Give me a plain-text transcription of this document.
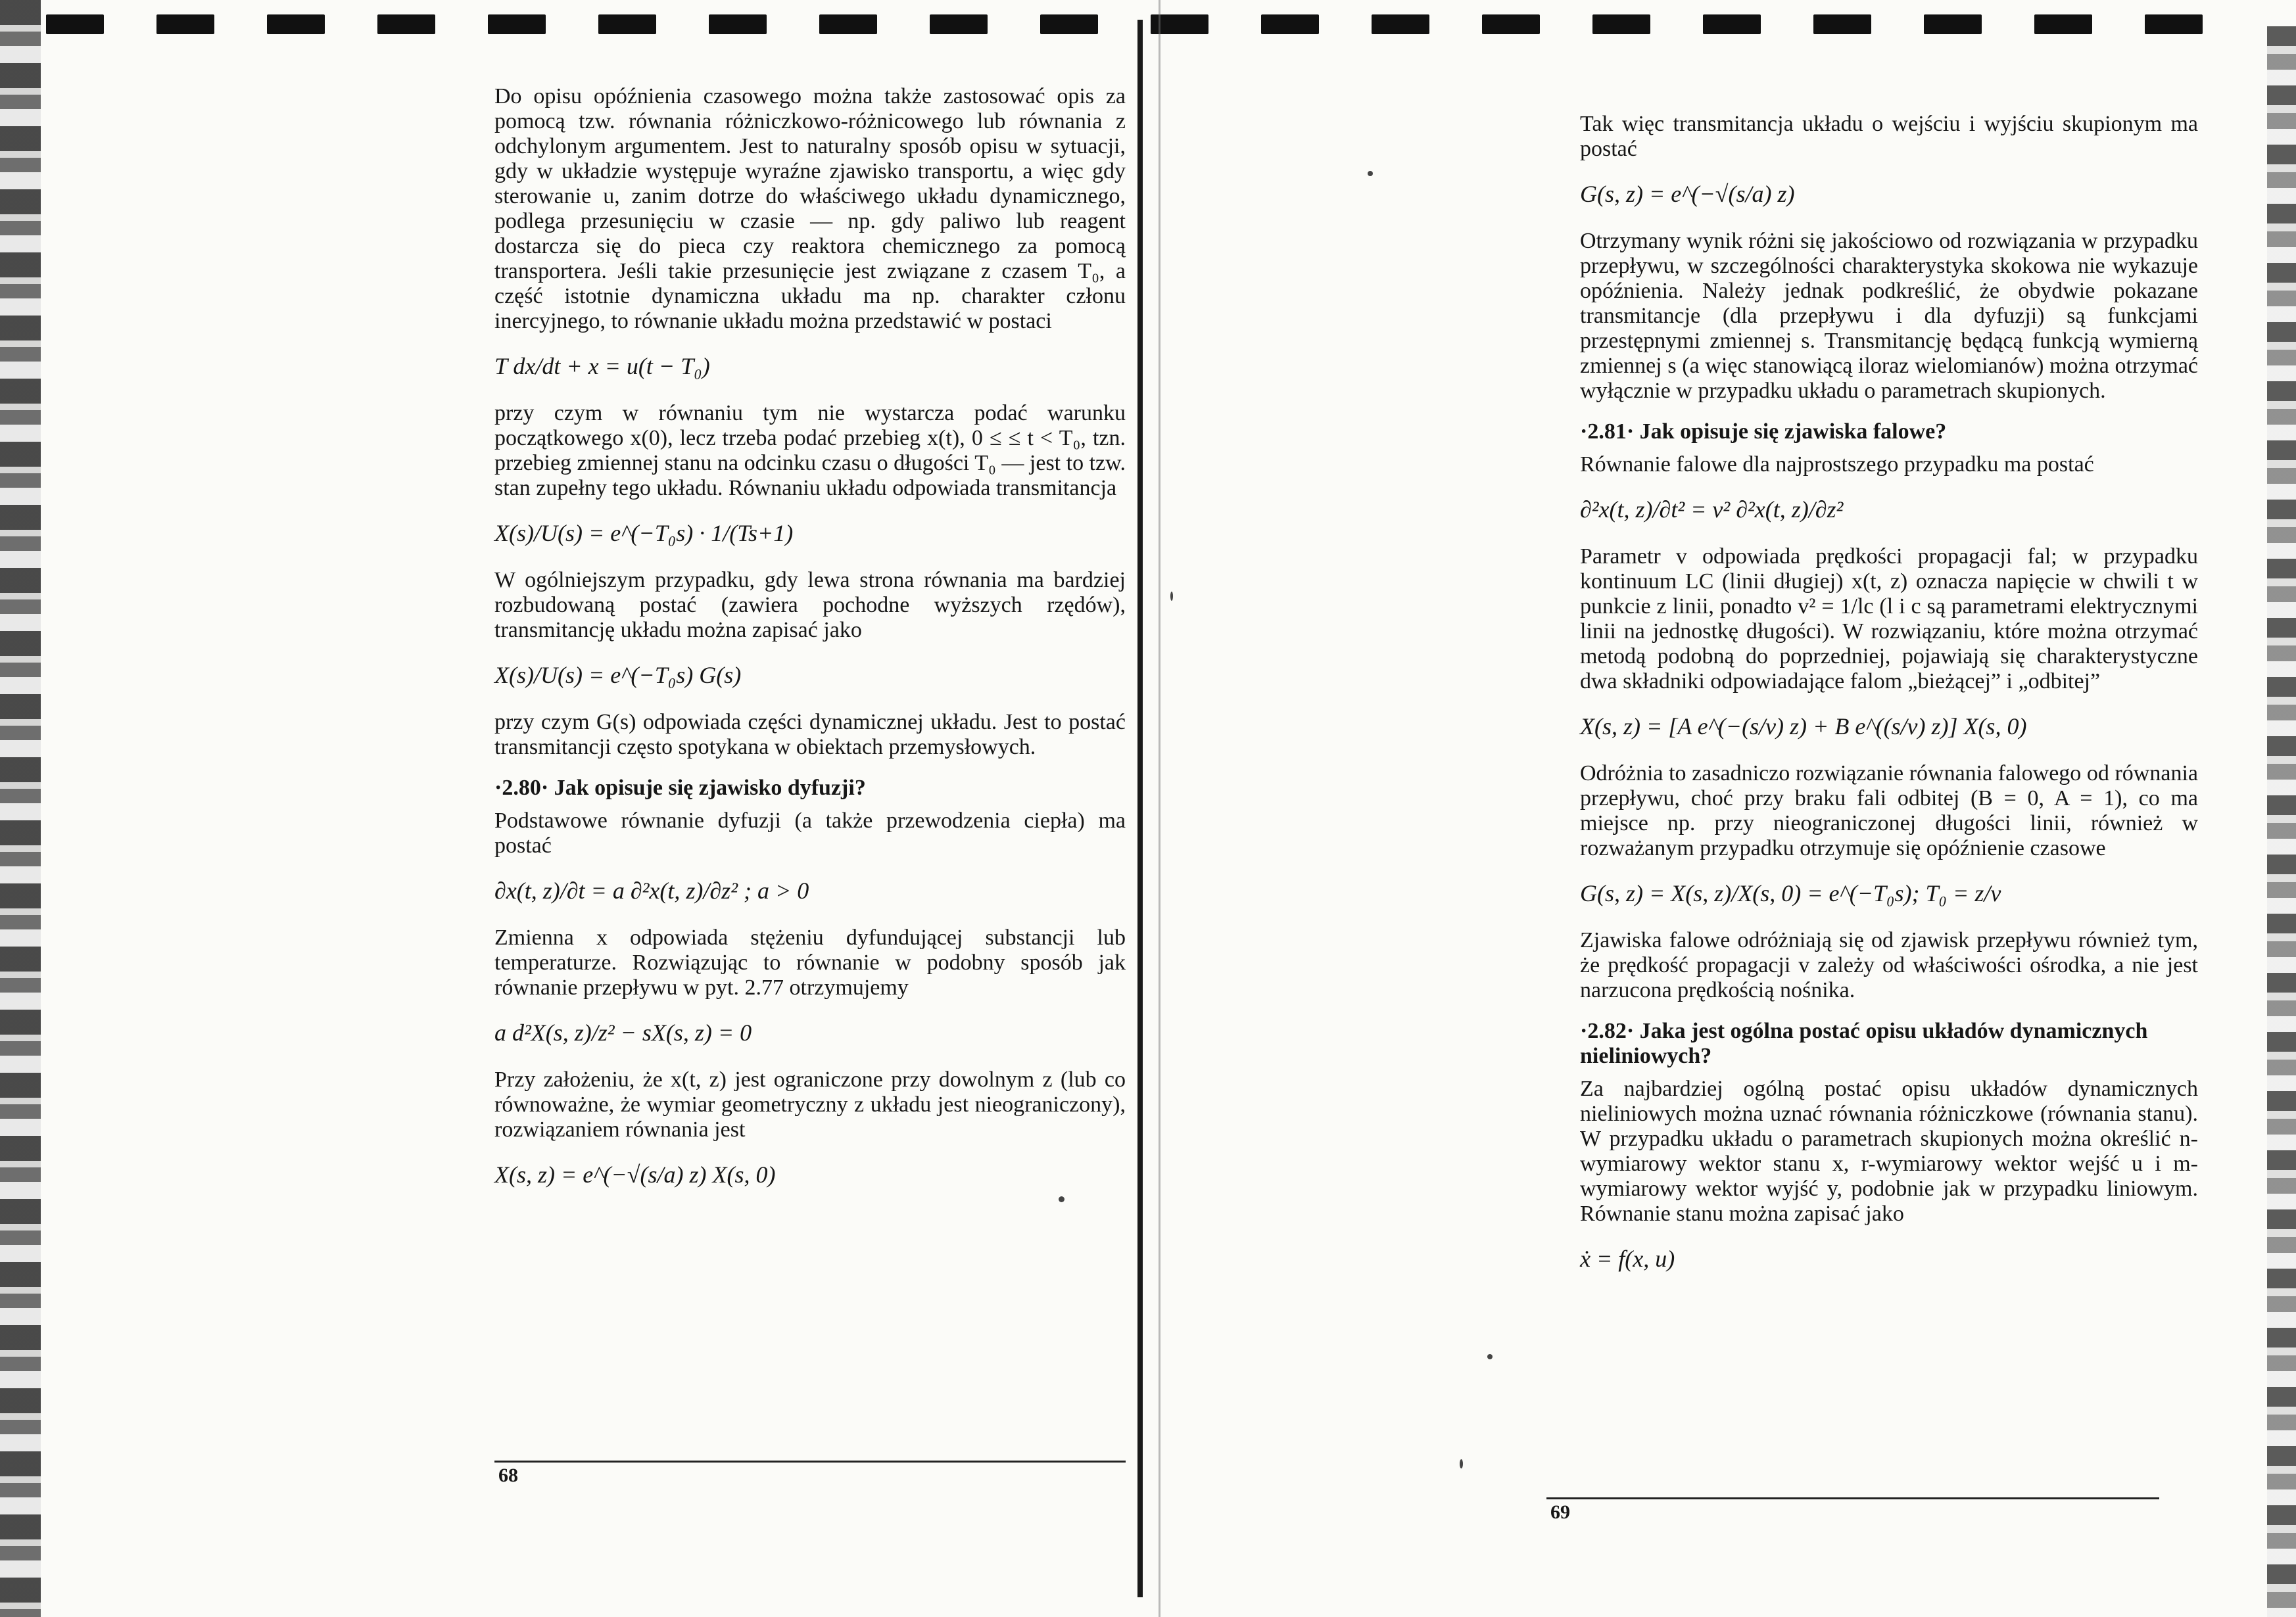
Do opisu opóźnienia czasowego można także zastosować opis za pomocą tzw. równania różniczkowo-różnicowego lub równania z odchylonym argumentem. Jest to naturalny sposób opisu w sytuacji, gdy w układzie występuje wyraźne zjawisko transportu, a więc gdy sterowanie u, zanim dotrze do właściwego układu dynamicznego, podlega przesunięciu w czasie — np. gdy paliwo lub reagent dostarcza się do pieca czy reaktora chemicznego za pomocą transportera. Jeśli takie przesunięcie jest związane z czasem T₀, a część istotnie dynamiczna układu ma np. charakter członu inercyjnego, to równanie układu można przedstawić w postaci

T dx/dt + x = u(t − T₀)

przy czym w równaniu tym nie wystarcza podać warunku początkowego x(0), lecz trzeba podać przebieg x(t), 0 ≤ ≤ t < T₀, tzn. przebieg zmiennej stanu na odcinku czasu o długości T₀ — jest to tzw. stan zupełny tego układu. Równaniu układu odpowiada transmitancja

X(s)/U(s) = e^(−T₀s) · 1/(Ts+1)

W ogólniejszym przypadku, gdy lewa strona równania ma bardziej rozbudowaną postać (zawiera pochodne wyższych rzędów), transmitancję układu można zapisać jako

X(s)/U(s) = e^(−T₀s) G(s)

przy czym G(s) odpowiada części dynamicznej układu. Jest to postać transmitancji często spotykana w obiektach przemysłowych.

·2.80· Jak opisuje się zjawisko dyfuzji?

Podstawowe równanie dyfuzji (a także przewodzenia ciepła) ma postać

∂x(t, z)/∂t = a ∂²x(t, z)/∂z² ; a > 0

Zmienna x odpowiada stężeniu dyfundującej substancji lub temperaturze. Rozwiązując to równanie w podobny sposób jak równanie przepływu w pyt. 2.77 otrzymujemy

a d²X(s, z)/z² − sX(s, z) = 0

Przy założeniu, że x(t, z) jest ograniczone przy dowolnym z (lub co równoważne, że wymiar geometryczny z układu jest nieograniczony), rozwiązaniem równania jest

X(s, z) = e^(−√(s/a) z) X(s, 0)
68

Tak więc transmitancja układu o wejściu i wyjściu skupionym ma postać

G(s, z) = e^(−√(s/a) z)

Otrzymany wynik różni się jakościowo od rozwiązania w przypadku przepływu, w szczególności charakterystyka skokowa nie wykazuje opóźnienia. Należy jednak podkreślić, że obydwie pokazane transmitancje (dla przepływu i dla dyfuzji) są funkcjami przestępnymi zmiennej s. Transmitancję będącą funkcją wymierną zmiennej s (a więc stanowiącą iloraz wielomianów) można otrzymać wyłącznie w przypadku układu o parametrach skupionych.

·2.81· Jak opisuje się zjawiska falowe?

Równanie falowe dla najprostszego przypadku ma postać

∂²x(t, z)/∂t² = v² ∂²x(t, z)/∂z²

Parametr v odpowiada prędkości propagacji fal; w przypadku kontinuum LC (linii długiej) x(t, z) oznacza napięcie w chwili t w punkcie z linii, ponadto v² = 1/lc (l i c są parametrami elektrycznymi linii na jednostkę długości). W rozwiązaniu, które można otrzymać metodą podobną do poprzedniej, pojawiają się charakterystyczne dwa składniki odpowiadające falom „bieżącej” i „odbitej”

X(s, z) = [A e^(−(s/v) z) + B e^((s/v) z)] X(s, 0)

Odróżnia to zasadniczo rozwiązanie równania falowego od równania przepływu, choć przy braku fali odbitej (B = 0, A = 1), co ma miejsce np. przy nieograniczonej długości linii, również w rozważanym przypadku otrzymuje się opóźnienie czasowe

G(s, z) = X(s, z)/X(s, 0) = e^(−T₀s); T₀ = z/v

Zjawiska falowe odróżniają się od zjawisk przepływu również tym, że prędkość propagacji v zależy od właściwości ośrodka, a nie jest narzucona prędkością nośnika.

·2.82· Jaka jest ogólna postać opisu układów dynamicznych nieliniowych?

Za najbardziej ogólną postać opisu układów dynamicznych nieliniowych można uznać równania różniczkowe (równania stanu). W przypadku układu o parametrach skupionych można określić n-wymiarowy wektor stanu x, r-wymiarowy wektor wejść u i m-wymiarowy wektor wyjść y, podobnie jak w przypadku liniowym. Równanie stanu można zapisać jako

ẋ = f(x, u)
69
